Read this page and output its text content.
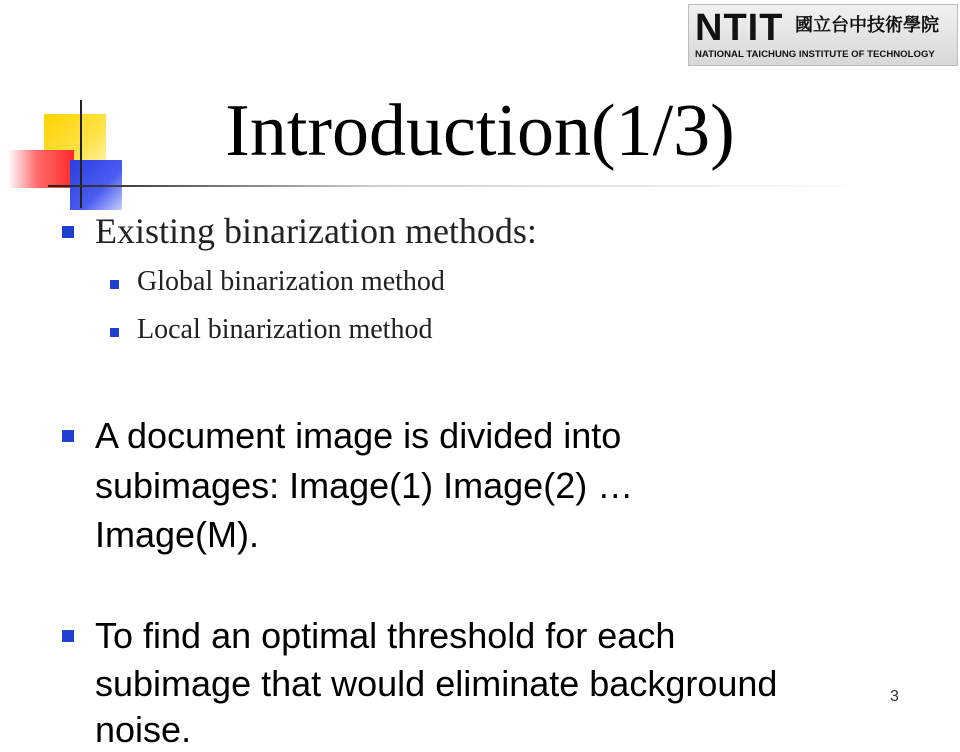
NTIT 國立台中技術學院
NATIONAL TAICHUNG INSTITUTE OF TECHNOLOGY
Introduction(1/3)
Existing binarization methods:
Global binarization method
Local binarization method
A document image is divided into
subimages: Image(1) Image(2) …
Image(M).
To find an optimal threshold for each
subimage that would eliminate background
noise.
3
